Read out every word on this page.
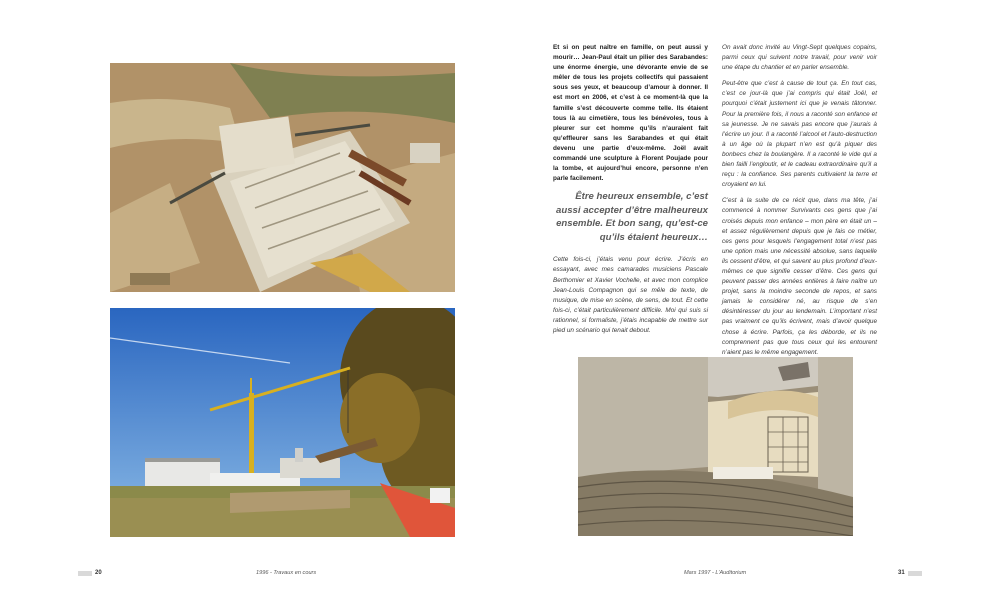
Et si on peut naître en famille, on peut aussi y mourir… Jean-Paul était un pilier des Sarabandes: une énorme énergie, une dévorante envie de se mêler de tous les projets collectifs qui passaient sous ses yeux, et beaucoup d’amour à donner. Il est mort en 2006, et c’est à ce moment-là que la famille s’est découverte comme telle. Ils étaient tous là au cimetière, tous les bénévoles, tous à pleurer sur cet homme qu’ils n’auraient fait qu’effleurer sans les Sarabandes et qui était devenu une partie d’eux-même. Joël avait commandé une sculpture à Florent Poujade pour la tombe, et aujourd’hui encore, personne n’en parle facilement.

Être heureux ensemble, c’est aussi accepter d’être malheureux ensemble. Et bon sang, qu’est-ce qu’ils étaient heureux…

Cette fois-ci, j’étais venu pour écrire. J’écris en essayant, avec mes camarades musiciens Pascale Berthomier et Xavier Vochelle, et avec mon complice Jean-Louis Compagnon qui se mêle de texte, de musique, de mise en scène, de sens, de tout. Et cette fois-ci, c’était particulièrement difficile. Moi qui suis si rationnel, si formaliste, j’étais incapable de mettre sur pied un scénario qui tenait debout.

On avait donc invité au Vingt-Sept quelques copains, parmi ceux qui suivent notre travail, pour venir voir une étape du chantier et en parler ensemble.

Peut-être que c’est à cause de tout ça. En tout cas, c’est ce jour-là que j’ai compris qui était Joël, et pourquoi c’était justement ici que je venais tâtonner. Pour la première fois, il nous a raconté son enfance et sa jeunesse. Je ne savais pas encore que j’aurais à l’écrire un jour. Il a raconté l’alcool et l’auto-destruction à un âge où la plupart n’en est qu’à piquer des bonbecs chez la boulangère. Il a raconté le vide qui a bien failli l’engloutir, et le cadeau extraordinaire qu’il a reçu : la confiance. Ses parents cultivaient la terre et croyaient en lui.

C’est à la suite de ce récit que, dans ma tête, j’ai commencé à nommer Survivants ces gens que j’ai croisés depuis mon enfance – mon père en était un – et assez régulièrement depuis que je fais ce métier, ces gens pour lesquels l’engagement total n’est pas une option mais une nécessité absolue, sans laquelle ils cessent d’être, et qui savent au plus profond d’eux-mêmes ce que signifie cesser d’être. Ces gens qui peuvent passer des années entières à faire naître un projet, sans la moindre seconde de repos, et sans jamais le considérer né, au risque de s’en désintéresser du jour au lendemain. L’important n’est pas vraiment ce qu’ils écrivent, mais d’avoir quelque chose à écrire. Parfois, ça les déborde, et ils ne comprennent pas que tous ceux qui les entourent n’aient pas le même engagement.

20	1996 - Travaux en cours	Mars 1997 - L’Auditorium	31
